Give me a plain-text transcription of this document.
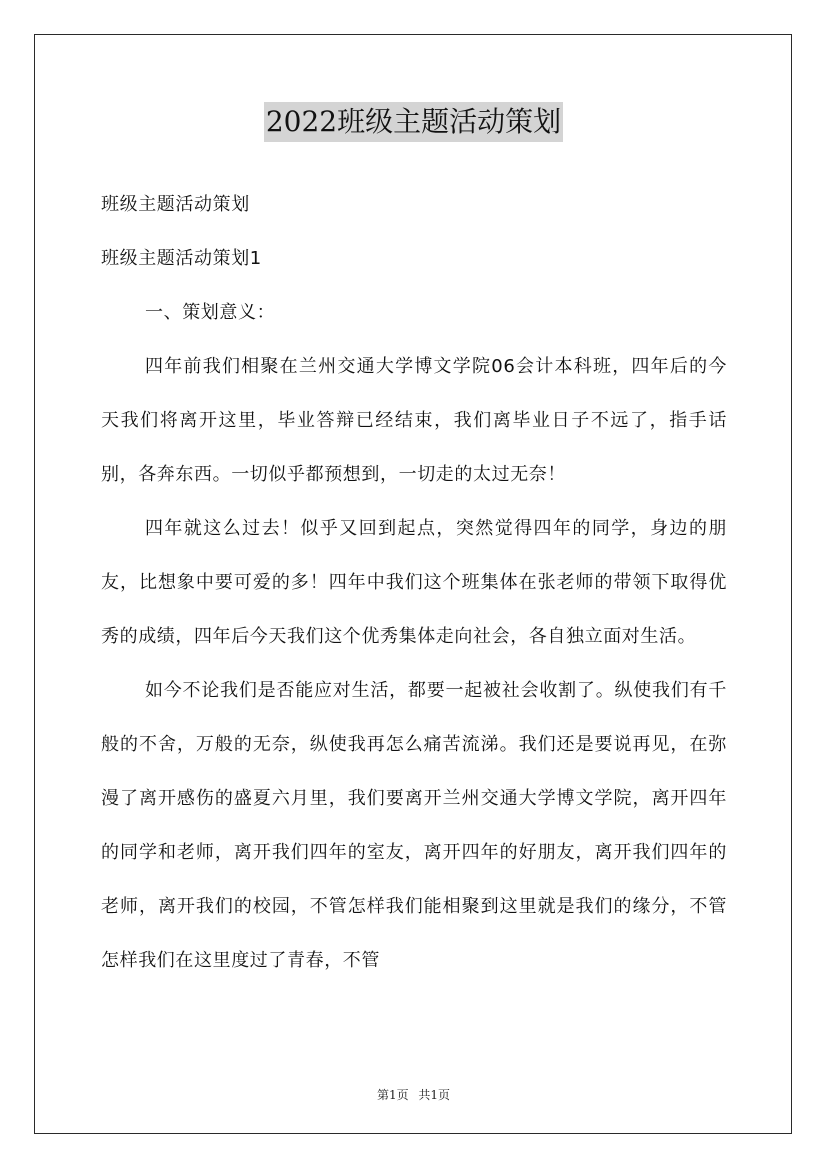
2022班级主题活动策划

班级主题活动策划

班级主题活动策划1

一、策划意义：

四年前我们相聚在兰州交通大学博文学院06会计本科班，四年后的今天我们将离开这里，毕业答辩已经结束，我们离毕业日子不远了，指手话别，各奔东西。一切似乎都预想到，一切走的太过无奈！

四年就这么过去！似乎又回到起点，突然觉得四年的同学，身边的朋友，比想象中要可爱的多！四年中我们这个班集体在张老师的带领下取得优秀的成绩，四年后今天我们这个优秀集体走向社会，各自独立面对生活。

如今不论我们是否能应对生活，都要一起被社会收割了。纵使我们有千般的不舍，万般的无奈，纵使我再怎么痛苦流涕。我们还是要说再见，在弥漫了离开感伤的盛夏六月里，我们要离开兰州交通大学博文学院，离开四年的同学和老师，离开我们四年的室友，离开四年的好朋友，离开我们四年的老师，离开我们的校园，不管怎样我们能相聚到这里就是我们的缘分，不管怎样我们在这里度过了青春，不管

第1页 共1页
